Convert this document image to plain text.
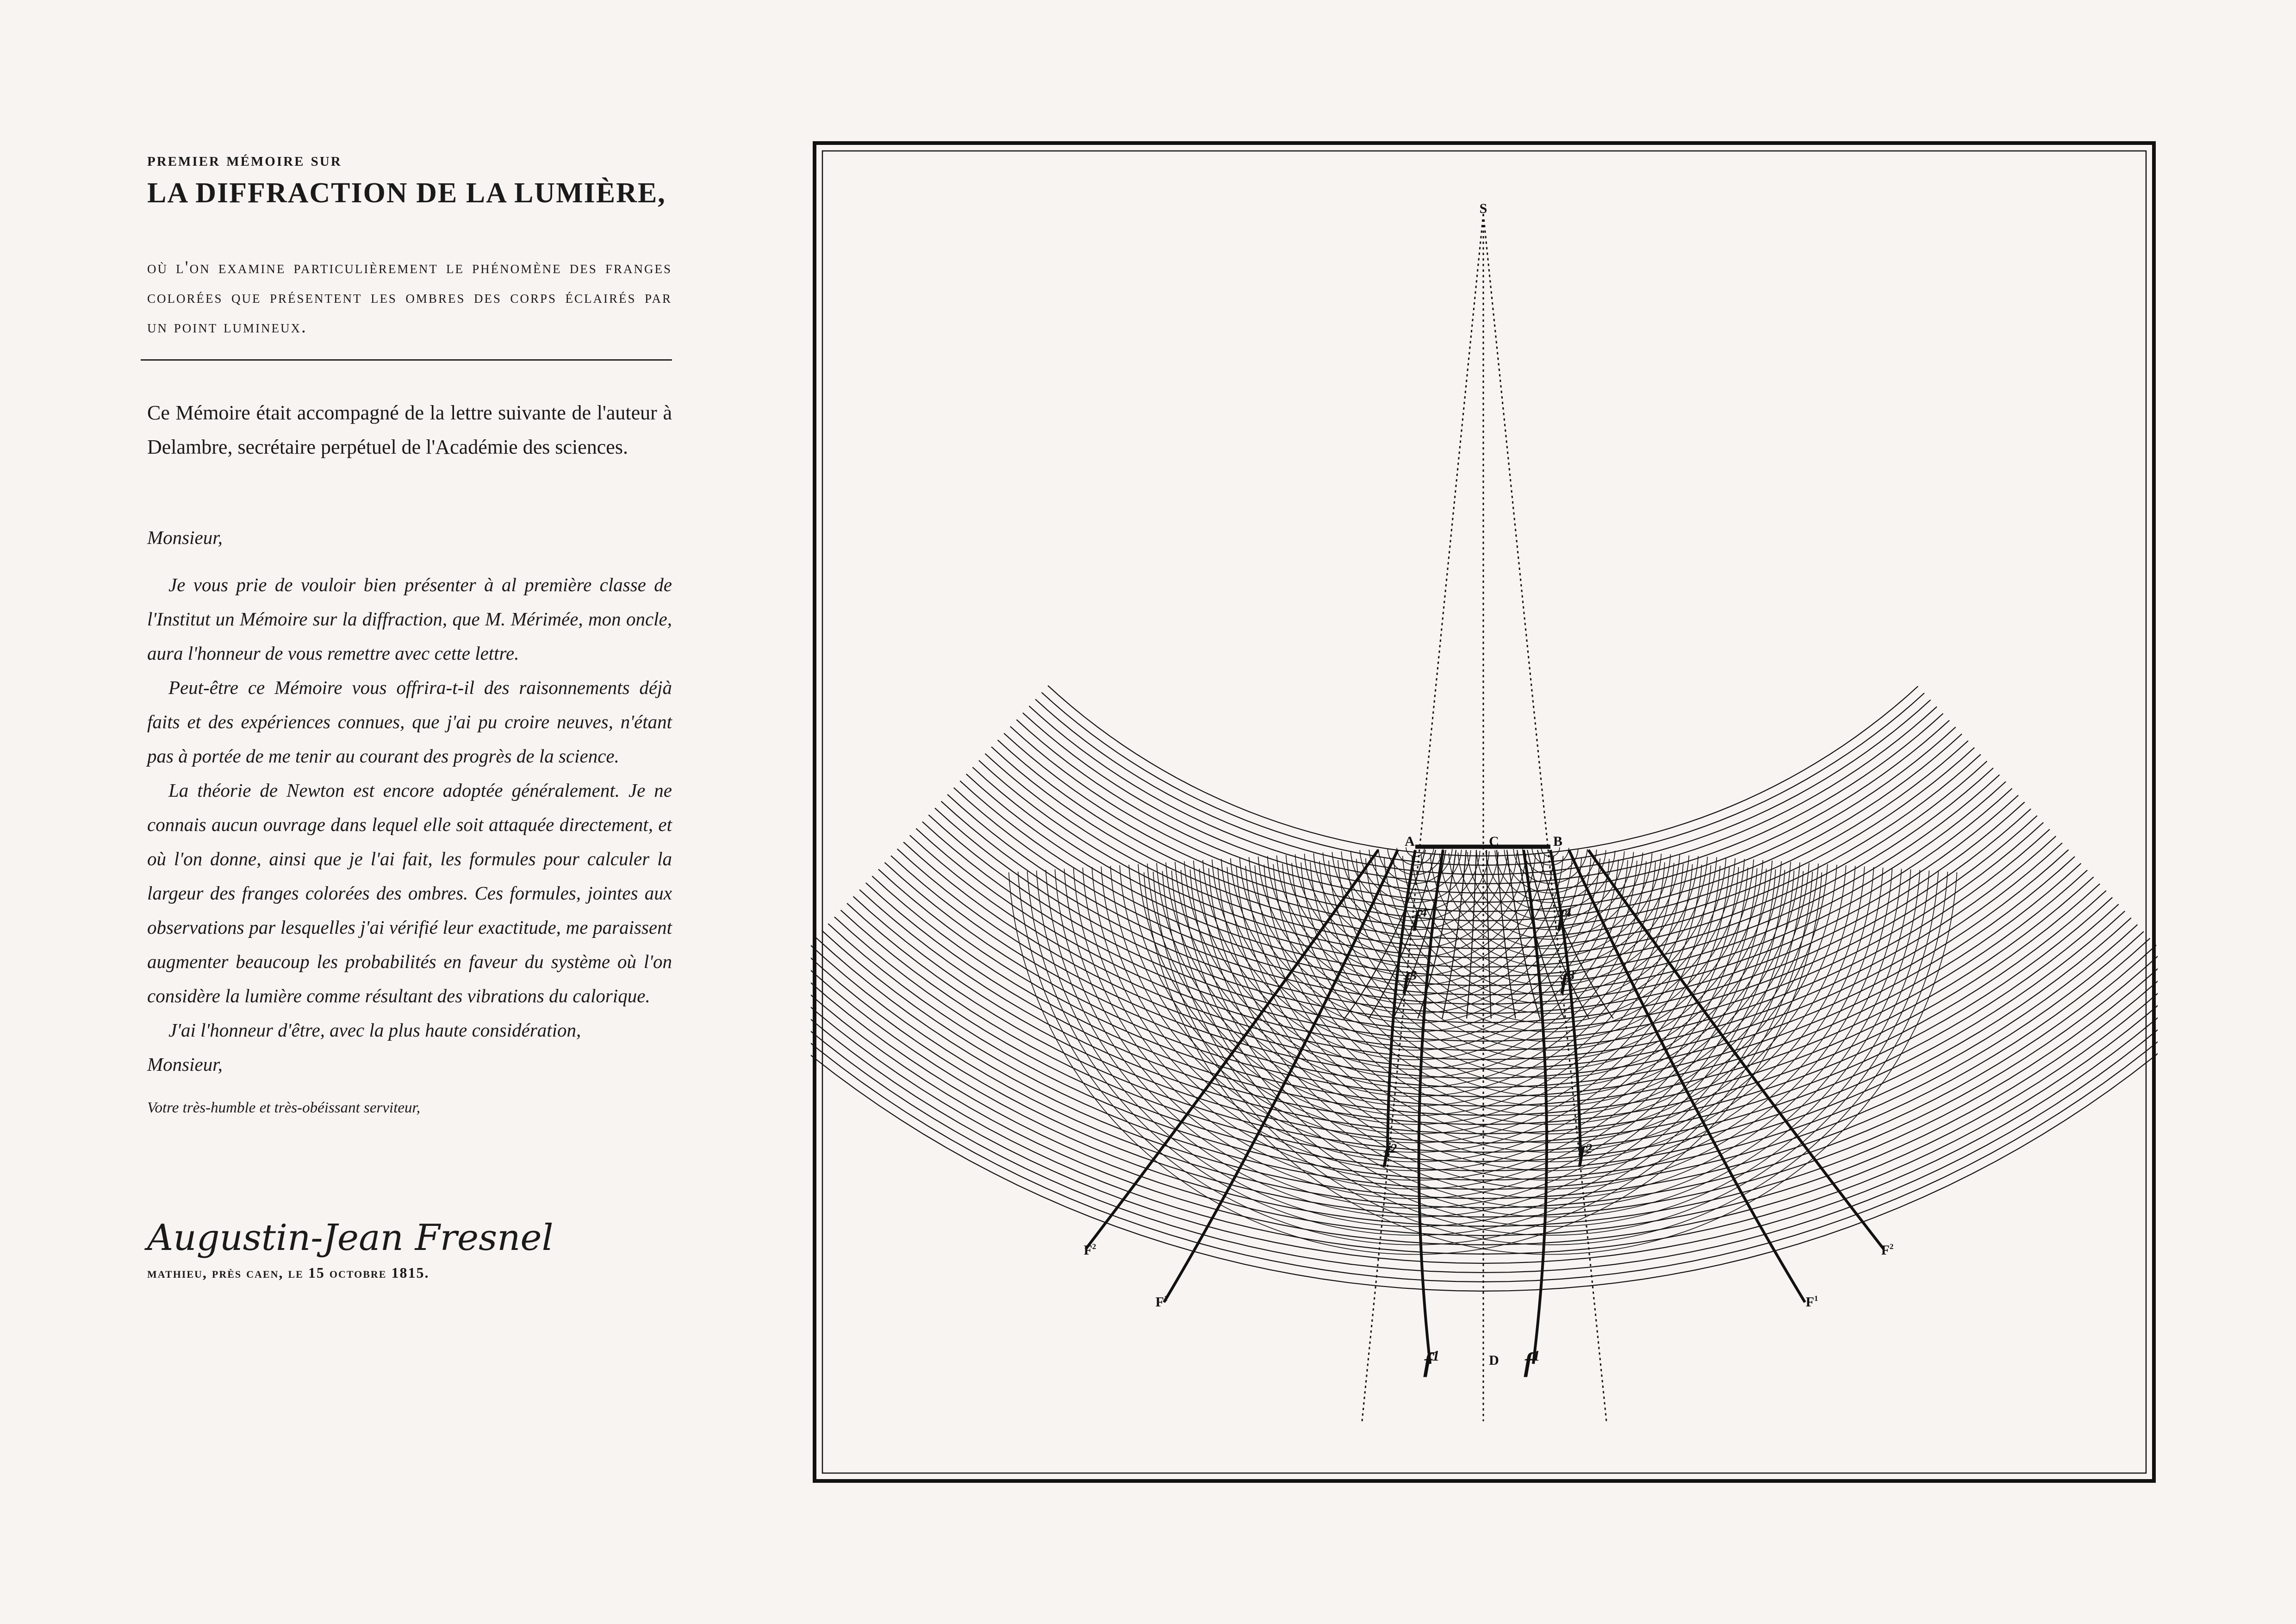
premier mémoire sur

LA DIFFRACTION DE LA LUMIÈRE,

où l'on examine particulièrement le phénomène des franges colorées que présentent les ombres des corps éclairés par un point lumineux.

Ce Mémoire était accompagné de la lettre suivante de l'auteur à Delambre, secrétaire perpétuel de l'Académie des sciences.

Monsieur,

Je vous prie de vouloir bien présenter à al première classe de l'Institut un Mémoire sur la diffraction, que M. Mérimée, mon oncle, aura l'honneur de vous remettre avec cette lettre.

Peut-être ce Mémoire vous offrira-t-il des raisonnements déjà faits et des expériences connues, que j'ai pu croire neuves, n'étant pas à portée de me tenir au courant des progrès de la science.

La théorie de Newton est encore adoptée généralement. Je ne connais aucun ouvrage dans lequel elle soit attaquée directement, et où l'on donne, ainsi que je l'ai fait, les formules pour calculer la largeur des franges colorées des ombres. Ces formules, jointes aux observations par lesquelles j'ai vérifié leur exactitude, me paraissent augmenter beaucoup les probabilités en faveur du système où l'on considère la lumière comme résultant des vibrations du calorique.

J'ai l'honneur d'être, avec la plus haute considération,

Monsieur,

Votre très-humble et très-obéissant serviteur,

Augustin-Jean Fresnel
mathieu, près caen, le 15 octobre 1815.
S
A	C	B
D
$f^4$	$f^4$
$f^3$	$f^3$
$f^2$	$f^2$
$f^1$	$f^1$
$F^2$	$F^2$
$F^1$	$F^1$
